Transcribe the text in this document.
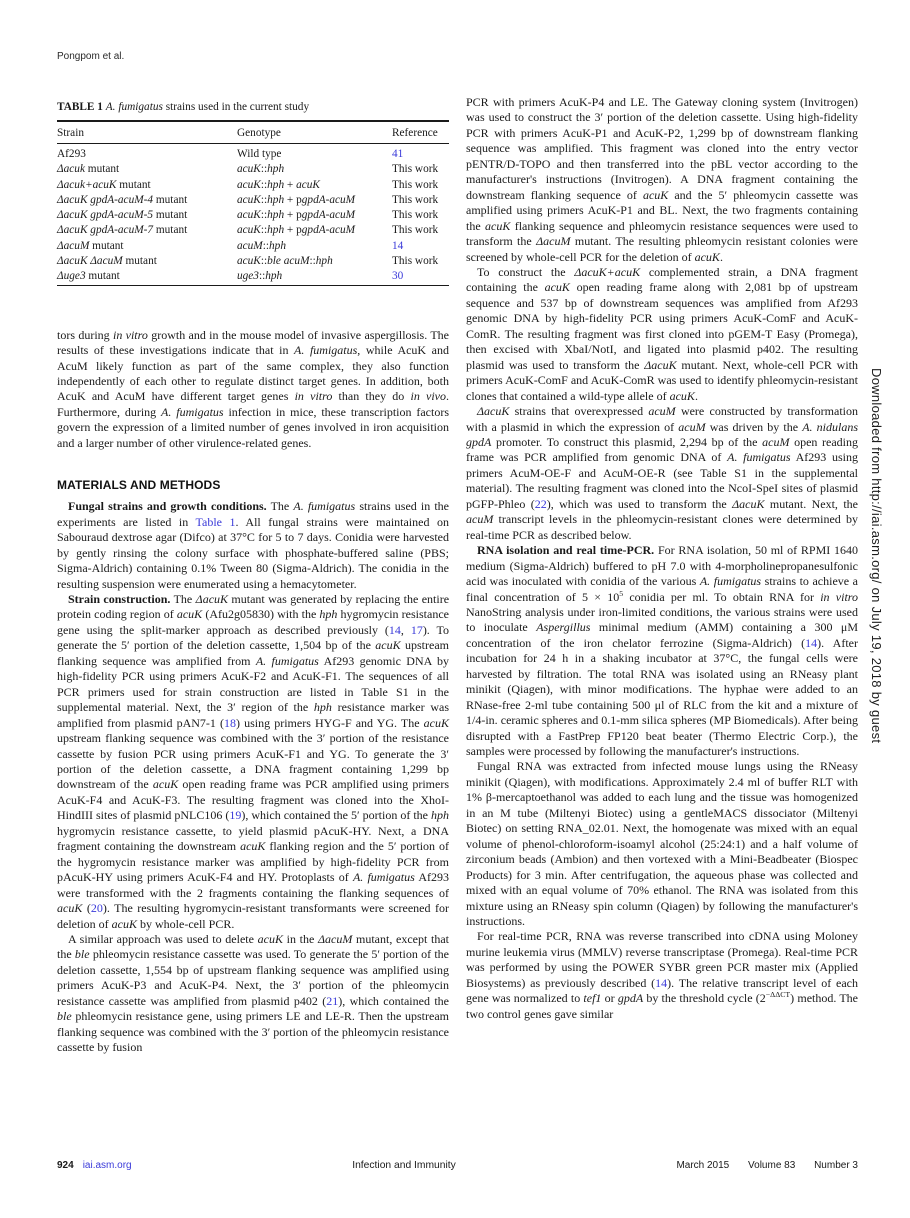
Pongpom et al.
TABLE 1 A. fumigatus strains used in the current study
Strain	Genotype	Reference
Af293	Wild type	41
Δacuk mutant	acuK::hph	This work
Δacuk+acuK mutant	acuK::hph + acuK	This work
ΔacuK gpdA-acuM-4 mutant	acuK::hph + pgpdA-acuM	This work
ΔacuK gpdA-acuM-5 mutant	acuK::hph + pgpdA-acuM	This work
ΔacuK gpdA-acuM-7 mutant	acuK::hph + pgpdA-acuM	This work
ΔacuM mutant	acuM::hph	14
ΔacuK ΔacuM mutant	acuK::ble acuM::hph	This work
Δuge3 mutant	uge3::hph	30

tors during in vitro growth and in the mouse model of invasive aspergillosis. The results of these investigations indicate that in A. fumigatus, while AcuK and AcuM likely function as part of the same complex, they also function independently of each other to regulate distinct target genes. In addition, both AcuK and AcuM have different target genes in vitro than they do in vivo. Furthermore, during A. fumigatus infection in mice, these transcription factors govern the expression of a limited number of genes involved in iron acquisition and a larger number of other virulence-related genes.

MATERIALS AND METHODS

Fungal strains and growth conditions. The A. fumigatus strains used in the experiments are listed in Table 1. All fungal strains were maintained on Sabouraud dextrose agar (Difco) at 37°C for 5 to 7 days. Conidia were harvested by gently rinsing the colony surface with phosphate-buffered saline (PBS; Sigma-Aldrich) containing 0.1% Tween 80 (Sigma-Aldrich). The conidia in the resulting suspension were enumerated using a hemacytometer.

Strain construction. The ΔacuK mutant was generated by replacing the entire protein coding region of acuK (Afu2g05830) with the hph hygromycin resistance gene using the split-marker approach as described previously (14, 17). To generate the 5′ portion of the deletion cassette, 1,504 bp of the acuK upstream flanking sequence was amplified from A. fumigatus Af293 genomic DNA by high-fidelity PCR using primers AcuK-F2 and AcuK-F1. The sequences of all PCR primers used for strain construction are listed in Table S1 in the supplemental material. Next, the 3′ region of the hph resistance marker was amplified from plasmid pAN7-1 (18) using primers HYG-F and YG. The acuK upstream flanking sequence was combined with the 3′ portion of the resistance cassette by fusion PCR using primers AcuK-F1 and YG. To generate the 3′ portion of the deletion cassette, a DNA fragment containing 1,299 bp downstream of the acuK open reading frame was PCR amplified using primers AcuK-F4 and AcuK-F3. The resulting fragment was cloned into the XhoI-HindIII sites of plasmid pNLC106 (19), which contained the 5′ portion of the hph hygromycin resistance cassette, to yield plasmid pAcuK-HY. Next, a DNA fragment containing the downstream acuK flanking region and the 5′ portion of the hygromycin resistance marker was amplified by high-fidelity PCR from pAcuK-HY using primers AcuK-F4 and HY. Protoplasts of A. fumigatus Af293 were transformed with the 2 fragments containing the flanking sequences of acuK (20). The resulting hygromycin-resistant transformants were screened for deletion of acuK by whole-cell PCR.

A similar approach was used to delete acuK in the ΔacuM mutant, except that the ble phleomycin resistance cassette was used. To generate the 5′ portion of the deletion cassette, 1,554 bp of upstream flanking sequence was amplified using primers AcuK-P3 and AcuK-P4. Next, the 3′ portion of the phleomycin resistance cassette was amplified from plasmid p402 (21), which contained the ble phleomycin resistance gene, using primers LE and LE-R. Then the upstream flanking sequence was combined with the 3′ portion of the phleomycin resistance cassette by fusion

PCR with primers AcuK-P4 and LE. The Gateway cloning system (Invitrogen) was used to construct the 3′ portion of the deletion cassette. Using high-fidelity PCR with primers AcuK-P1 and AcuK-P2, 1,299 bp of downstream flanking sequence was amplified. This fragment was cloned into the entry vector pENTR/D-TOPO and then transferred into the pBL vector according to the manufacturer's instructions (Invitrogen). A DNA fragment containing the downstream flanking sequence of acuK and the 5′ phleomycin cassette was amplified using primers AcuK-P1 and BL. Next, the two fragments containing the acuK flanking sequence and phleomycin resistance sequences were used to transform the ΔacuM mutant. The resulting phleomycin resistant colonies were screened by whole-cell PCR for the deletion of acuK.

To construct the ΔacuK+acuK complemented strain, a DNA fragment containing the acuK open reading frame along with 2,081 bp of upstream sequence and 537 bp of downstream sequences was amplified from Af293 genomic DNA by high-fidelity PCR using primers AcuK-ComF and AcuK-ComR. The resulting fragment was first cloned into pGEM-T Easy (Promega), then excised with XbaI/NotI, and ligated into plasmid p402. The resulting plasmid was used to transform the ΔacuK mutant. Next, whole-cell PCR with primers AcuK-ComF and AcuK-ComR was used to identify phleomycin-resistant clones that contained a wild-type allele of acuK.

ΔacuK strains that overexpressed acuM were constructed by transformation with a plasmid in which the expression of acuM was driven by the A. nidulans gpdA promoter. To construct this plasmid, 2,294 bp of the acuM open reading frame was PCR amplified from genomic DNA of A. fumigatus Af293 using primers AcuM-OE-F and AcuM-OE-R (see Table S1 in the supplemental material). The resulting fragment was cloned into the NcoI-SpeI sites of plasmid pGFP-Phleo (22), which was used to transform the ΔacuK mutant. Next, the acuM transcript levels in the phleomycin-resistant clones were determined by real-time PCR as described below.

RNA isolation and real time-PCR. For RNA isolation, 50 ml of RPMI 1640 medium (Sigma-Aldrich) buffered to pH 7.0 with 4-morpholinepropanesulfonic acid was inoculated with conidia of the various A. fumigatus strains to achieve a final concentration of $5 \times 10^5$ conidia per ml. To obtain RNA for in vitro NanoString analysis under iron-limited conditions, the various strains were used to inoculate Aspergillus minimal medium (AMM) containing a 300 μM concentration of the iron chelator ferrozine (Sigma-Aldrich) (14). After incubation for 24 h in a shaking incubator at 37°C, the fungal cells were harvested by filtration. The total RNA was isolated using an RNeasy plant minikit (Qiagen), with minor modifications. The hyphae were added to an RNase-free 2-ml tube containing 500 μl of RLC from the kit and a mixture of 1/4-in. ceramic spheres and 0.1-mm silica spheres (MP Biomedicals). After being disrupted with a FastPrep FP120 beat beater (Thermo Electric Corp.), the samples were processed by following the manufacturer's instructions.

Fungal RNA was extracted from infected mouse lungs using the RNeasy minikit (Qiagen), with modifications. Approximately 2.4 ml of buffer RLT with 1% β-mercaptoethanol was added to each lung and the tissue was homogenized in an M tube (Miltenyi Biotec) using a gentleMACS dissociator (Miltenyi Biotec) on setting RNA_02.01. Next, the homogenate was mixed with an equal volume of phenol-chloroform-isoamyl alcohol (25:24:1) and a half volume of zirconium beads (Ambion) and then vortexed with a Mini-Beadbeater (Biospec Products) for 3 min. After centrifugation, the aqueous phase was collected and mixed with an equal volume of 70% ethanol. The RNA was isolated from this mixture using an RNeasy spin column (Qiagen) by following the manufacturer's instructions.

For real-time PCR, RNA was reverse transcribed into cDNA using Moloney murine leukemia virus (MMLV) reverse transcriptase (Promega). Real-time PCR was performed by using the POWER SYBR green PCR master mix (Applied Biosystems) as previously described (14). The relative transcript level of each gene was normalized to tef1 or gpdA by the threshold cycle $(2^{-\Delta\Delta CT})$ method. The two control genes gave similar

Downloaded from http://iai.asm.org/ on July 19, 2018 by guest
924 iai.asm.org	Infection and Immunity	March 2015 Volume 83 Number 3
